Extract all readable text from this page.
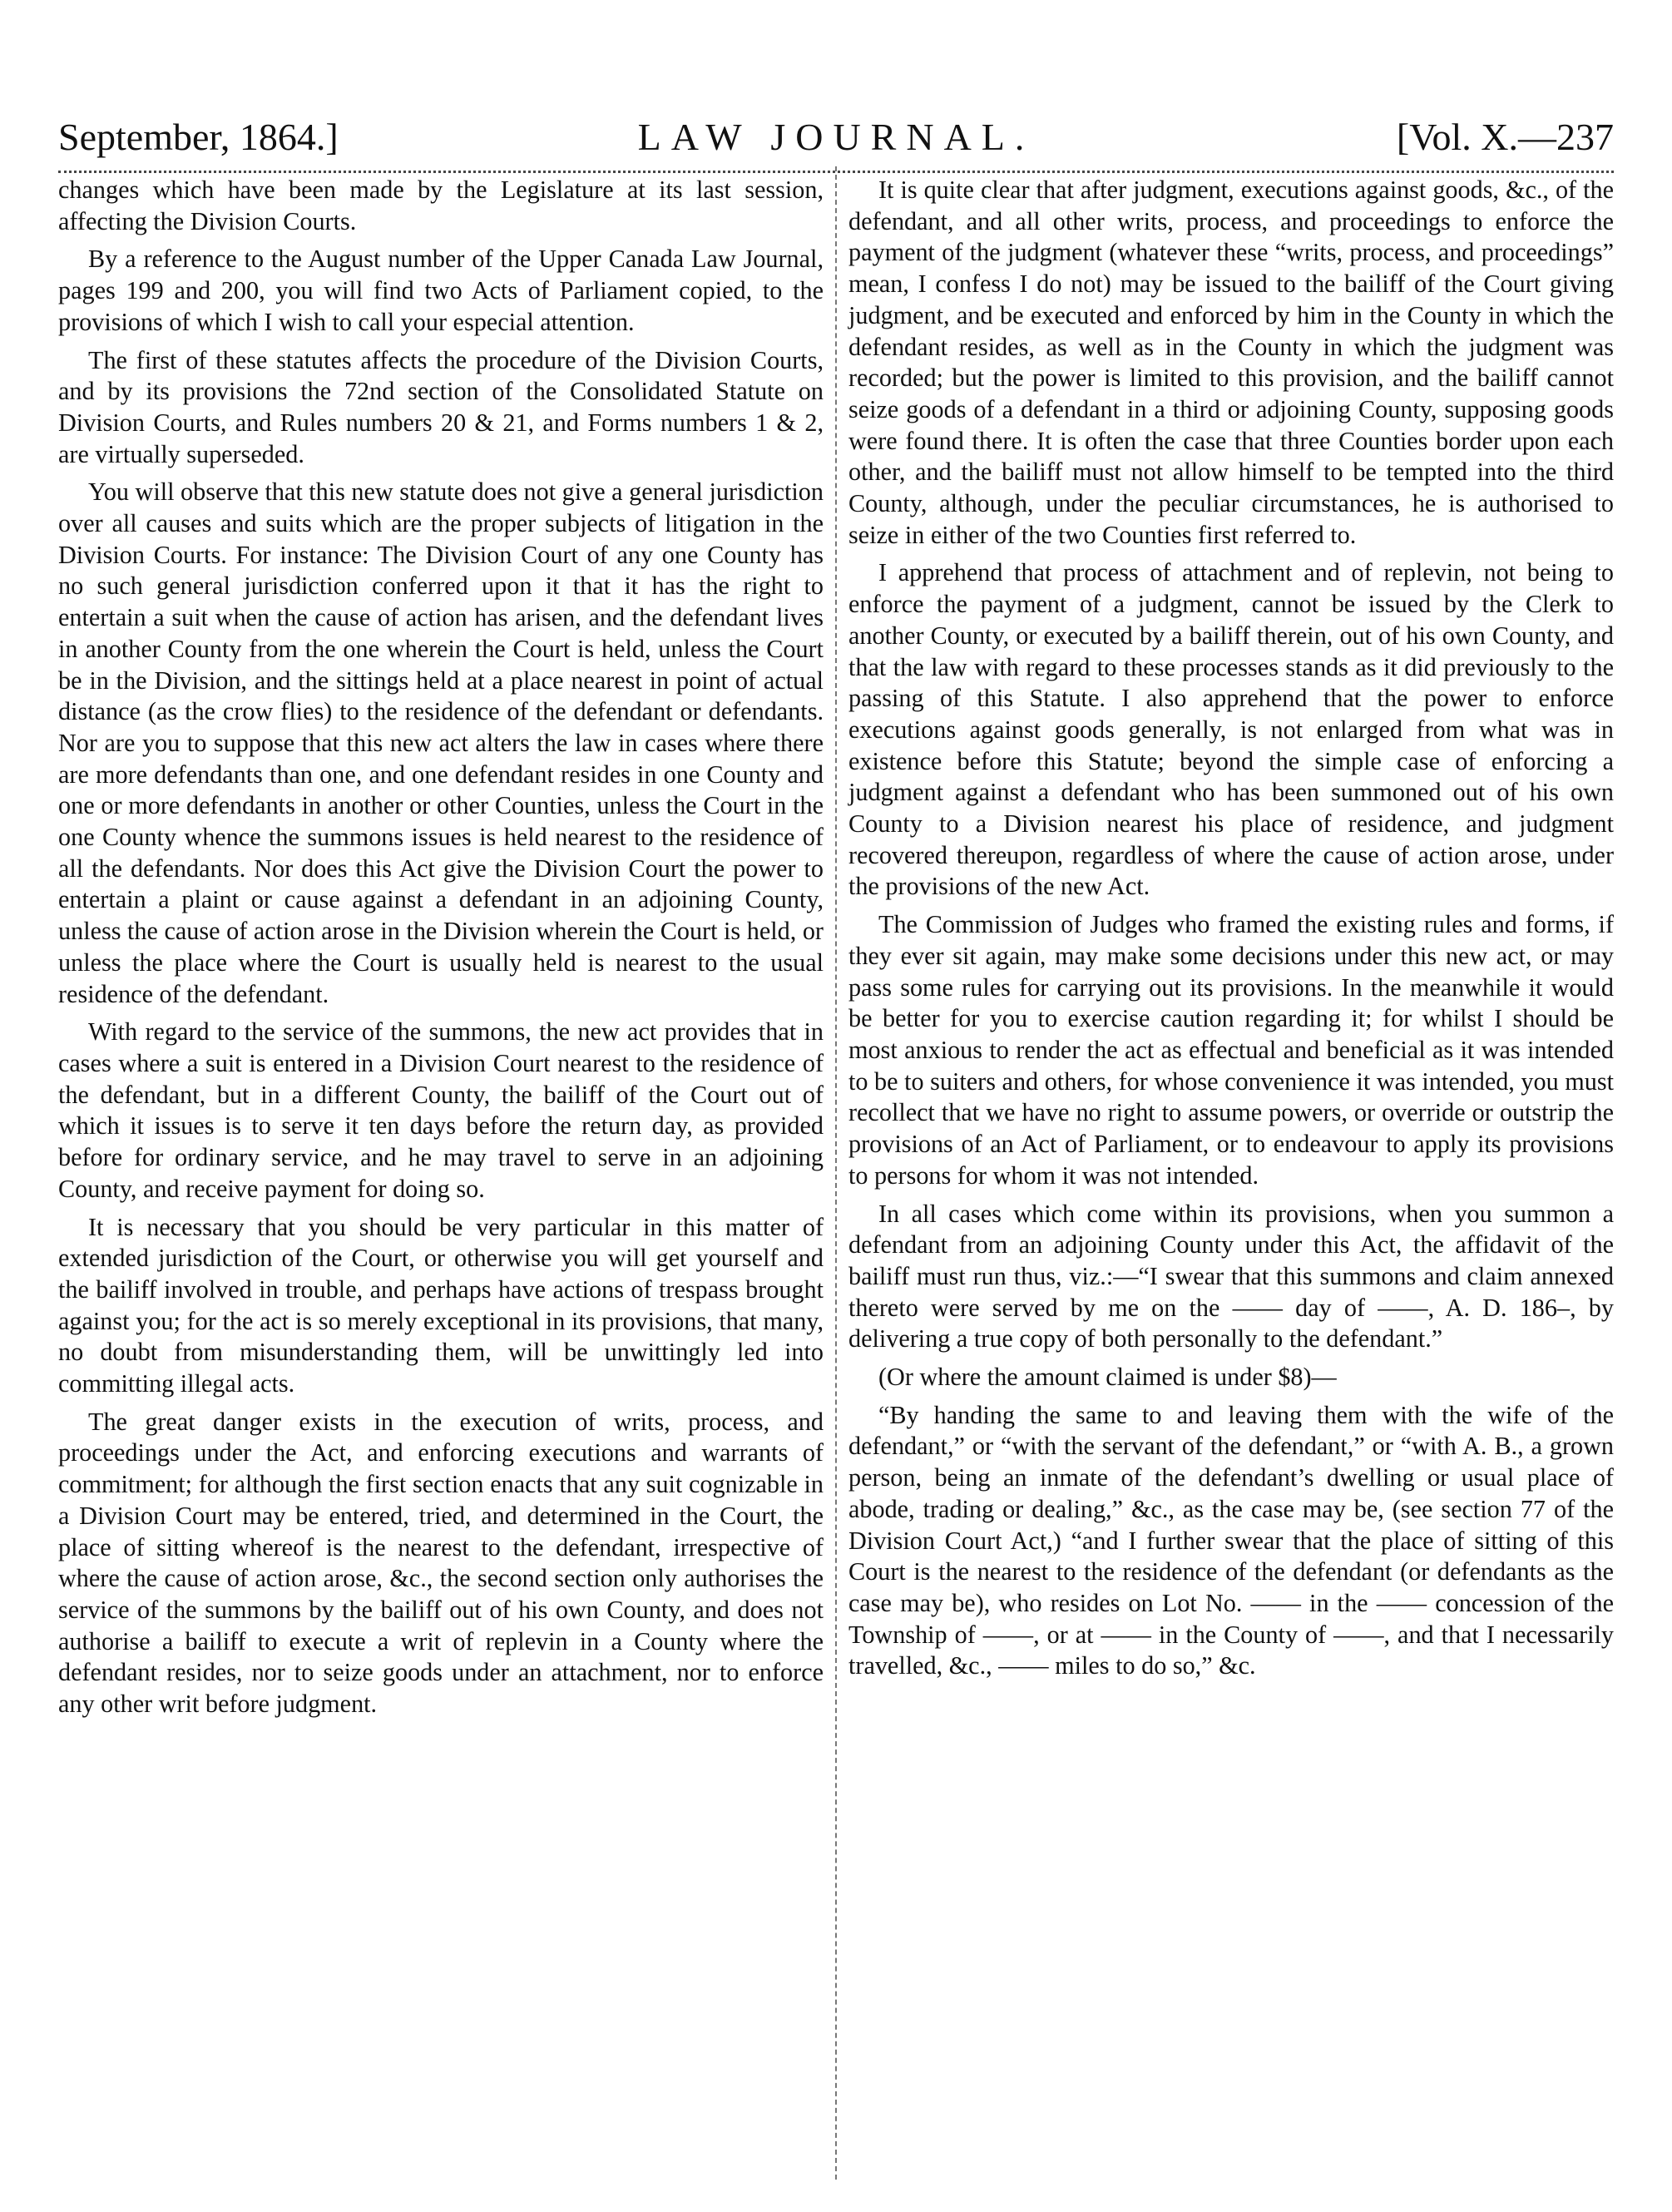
LAW JOURNAL.
September, 1864.]	[Vol. X.—237

changes which have been made by the Legislature at its last session, affecting the Division Courts.

By a reference to the August number of the Upper Canada Law Journal, pages 199 and 200, you will find two Acts of Parliament copied, to the provisions of which I wish to call your especial attention.

The first of these statutes affects the procedure of the Division Courts, and by its provisions the 72nd section of the Consolidated Statute on Division Courts, and Rules numbers 20 & 21, and Forms numbers 1 & 2, are virtually superseded.

You will observe that this new statute does not give a general jurisdiction over all causes and suits which are the proper subjects of litigation in the Division Courts. For instance: The Division Court of any one County has no such general jurisdiction conferred upon it that it has the right to entertain a suit when the cause of action has arisen, and the defendant lives in another County from the one wherein the Court is held, unless the Court be in the Division, and the sittings held at a place nearest in point of actual distance (as the crow flies) to the residence of the defendant or defendants. Nor are you to suppose that this new act alters the law in cases where there are more defendants than one, and one defendant resides in one County and one or more defendants in another or other Counties, unless the Court in the one County whence the summons issues is held nearest to the residence of all the defendants. Nor does this Act give the Division Court the power to entertain a plaint or cause against a defendant in an adjoining County, unless the cause of action arose in the Division wherein the Court is held, or unless the place where the Court is usually held is nearest to the usual residence of the defendant.

With regard to the service of the summons, the new act provides that in cases where a suit is entered in a Division Court nearest to the residence of the defendant, but in a different County, the bailiff of the Court out of which it issues is to serve it ten days before the return day, as provided before for ordinary service, and he may travel to serve in an adjoining County, and receive payment for doing so.

It is necessary that you should be very particular in this matter of extended jurisdiction of the Court, or otherwise you will get yourself and the bailiff involved in trouble, and perhaps have actions of trespass brought against you; for the act is so merely exceptional in its provisions, that many, no doubt from misunderstanding them, will be unwittingly led into committing illegal acts.

The great danger exists in the execution of writs, process, and proceedings under the Act, and enforcing executions and warrants of commitment; for although the first section enacts that any suit cognizable in a Division Court may be entered, tried, and determined in the Court, the place of sitting whereof is the nearest to the defendant, irrespective of where the cause of action arose, &c., the second section only authorises the service of the summons by the bailiff out of his own County, and does not authorise a bailiff to execute a writ of replevin in a County where the defendant resides, nor to seize goods under an attachment, nor to enforce any other writ before judgment.

It is quite clear that after judgment, executions against goods, &c., of the defendant, and all other writs, process, and proceedings to enforce the payment of the judgment (whatever these “writs, process, and proceedings” mean, I confess I do not) may be issued to the bailiff of the Court giving judgment, and be executed and enforced by him in the County in which the defendant resides, as well as in the County in which the judgment was recorded; but the power is limited to this provision, and the bailiff cannot seize goods of a defendant in a third or adjoining County, supposing goods were found there. It is often the case that three Counties border upon each other, and the bailiff must not allow himself to be tempted into the third County, although, under the peculiar circumstances, he is authorised to seize in either of the two Counties first referred to.

I apprehend that process of attachment and of replevin, not being to enforce the payment of a judgment, cannot be issued by the Clerk to another County, or executed by a bailiff therein, out of his own County, and that the law with regard to these processes stands as it did previously to the passing of this Statute. I also apprehend that the power to enforce executions against goods generally, is not enlarged from what was in existence before this Statute; beyond the simple case of enforcing a judgment against a defendant who has been summoned out of his own County to a Division nearest his place of residence, and judgment recovered thereupon, regardless of where the cause of action arose, under the provisions of the new Act.

The Commission of Judges who framed the existing rules and forms, if they ever sit again, may make some decisions under this new act, or may pass some rules for carrying out its provisions. In the meanwhile it would be better for you to exercise caution regarding it; for whilst I should be most anxious to render the act as effectual and beneficial as it was intended to be to suiters and others, for whose convenience it was intended, you must recollect that we have no right to assume powers, or override or outstrip the provisions of an Act of Parliament, or to endeavour to apply its provisions to persons for whom it was not intended.

In all cases which come within its provisions, when you summon a defendant from an adjoining County under this Act, the affidavit of the bailiff must run thus, viz.:—“I swear that this summons and claim annexed thereto were served by me on the —— day of ——, A. D. 186–, by delivering a true copy of both personally to the defendant.”

(Or where the amount claimed is under $8)—

“By handing the same to and leaving them with the wife of the defendant,” or “with the servant of the defendant,” or “with A. B., a grown person, being an inmate of the defendant’s dwelling or usual place of abode, trading or dealing,” &c., as the case may be, (see section 77 of the Division Court Act,) “and I further swear that the place of sitting of this Court is the nearest to the residence of the defendant (or defendants as the case may be), who resides on Lot No. —— in the —— concession of the Township of ——, or at —— in the County of ——, and that I necessarily travelled, &c., —— miles to do so,” &c.
